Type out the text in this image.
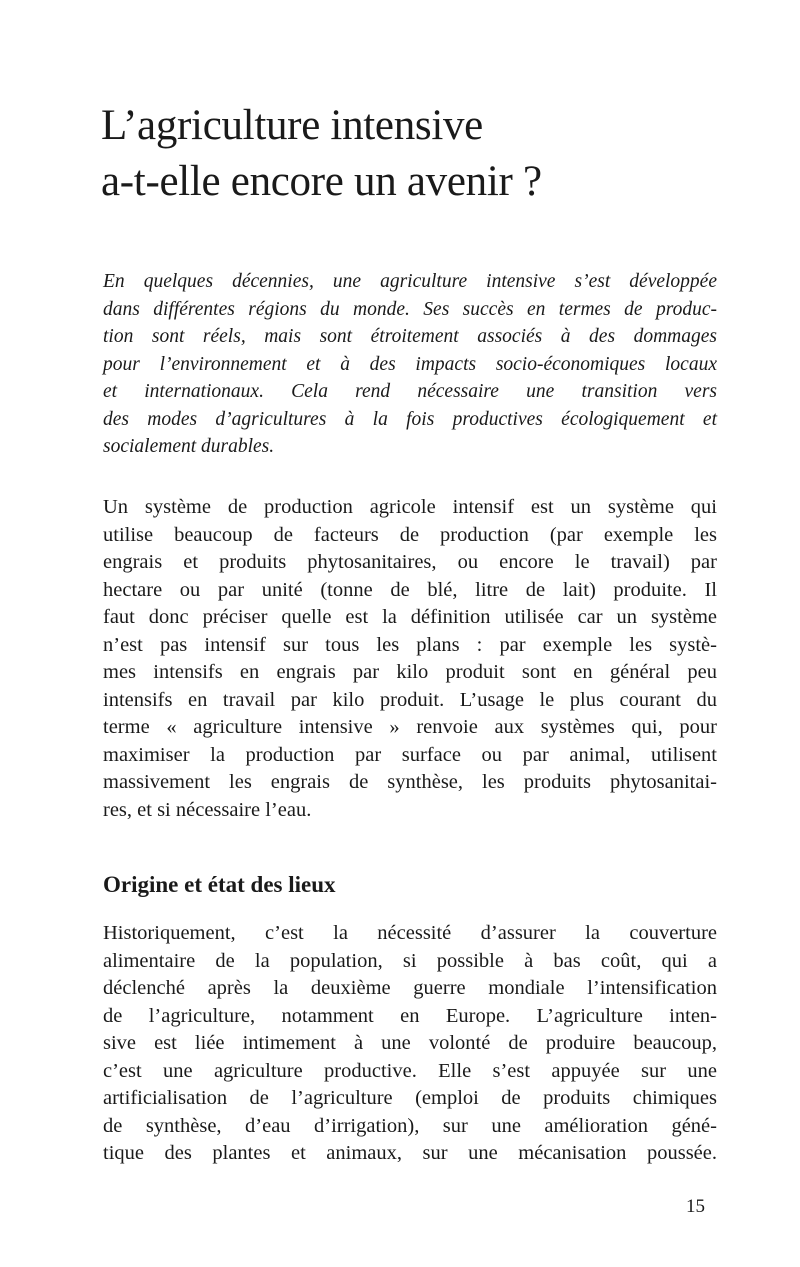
L’agriculture intensive
a-t-elle encore un avenir ?
En quelques décennies, une agriculture intensive s’est développée
dans différentes régions du monde. Ses succès en termes de produc-
tion sont réels, mais sont étroitement associés à des dommages
pour l’environnement et à des impacts socio-économiques locaux
et internationaux. Cela rend nécessaire une transition vers
des modes d’agricultures à la fois productives écologiquement et
socialement durables.
Un système de production agricole intensif est un système qui
utilise beaucoup de facteurs de production (par exemple les
engrais et produits phytosanitaires, ou encore le travail) par
hectare ou par unité (tonne de blé, litre de lait) produite. Il
faut donc préciser quelle est la définition utilisée car un système
n’est pas intensif sur tous les plans : par exemple les systè-
mes intensifs en engrais par kilo produit sont en général peu
intensifs en travail par kilo produit. L’usage le plus courant du
terme « agriculture intensive » renvoie aux systèmes qui, pour
maximiser la production par surface ou par animal, utilisent
massivement les engrais de synthèse, les produits phytosanitai-
res, et si nécessaire l’eau.
Origine et état des lieux
Historiquement, c’est la nécessité d’assurer la couverture
alimentaire de la population, si possible à bas coût, qui a
déclenché après la deuxième guerre mondiale l’intensification
de l’agriculture, notamment en Europe. L’agriculture inten-
sive est liée intimement à une volonté de produire beaucoup,
c’est une agriculture productive. Elle s’est appuyée sur une
artificialisation de l’agriculture (emploi de produits chimiques
de synthèse, d’eau d’irrigation), sur une amélioration géné-
tique des plantes et animaux, sur une mécanisation poussée.
15
